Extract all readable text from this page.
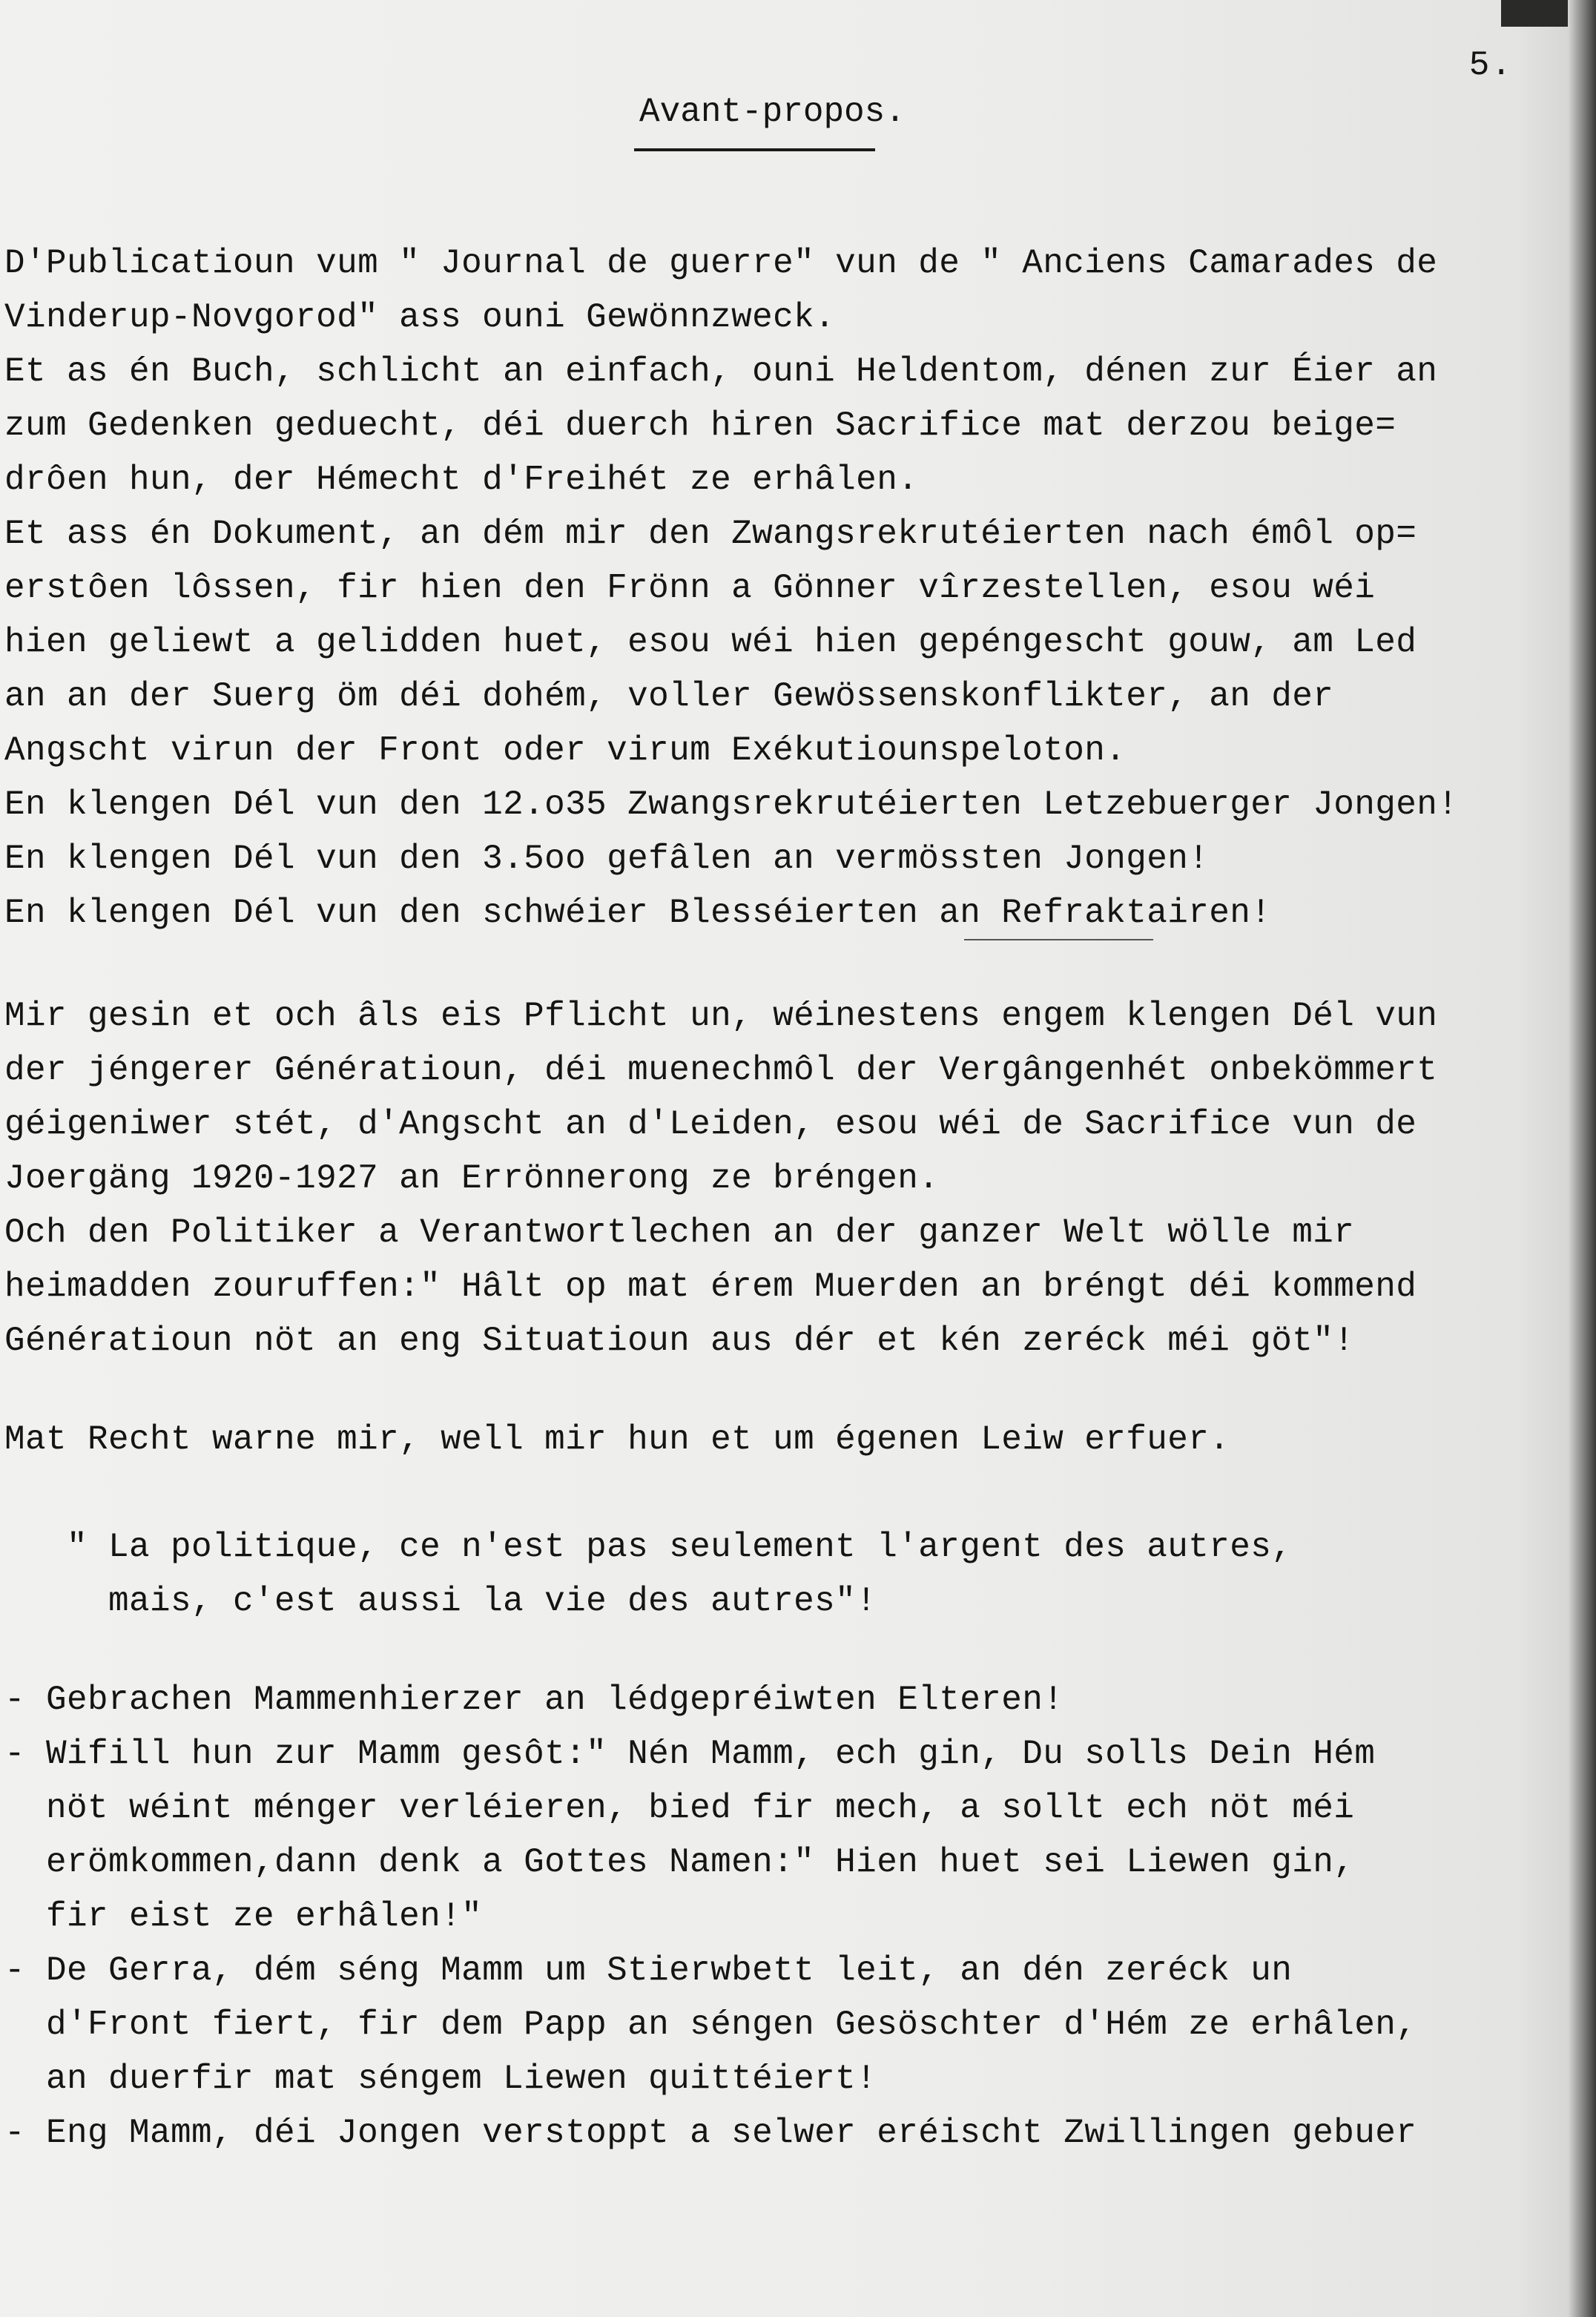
5.
Avant-propos.
D'Publicatioun vum " Journal de guerre" vun de " Anciens Camarades de
Vinderup-Novgorod" ass ouni Gewönnzweck.
Et as én Buch, schlicht an einfach, ouni Heldentom, dénen zur Éier an
zum Gedenken geduecht, déi duerch hiren Sacrifice mat derzou beige=
drôen hun, der Hémecht d'Freihét ze erhâlen.
Et ass én Dokument, an dém mir den Zwangsrekrutéierten nach émôl op=
erstôen lôssen, fir hien den Frönn a Gönner vîrzestellen, esou wéi
hien geliewt a gelidden huet, esou wéi hien gepéngescht gouw, am Led
an an der Suerg öm déi dohém, voller Gewössenskonflikter, an der
Angscht virun der Front oder virum Exékutiounspeloton.
En klengen Dél vun den 12.o35 Zwangsrekrutéierten Letzebuerger Jongen!
En klengen Dél vun den 3.5oo gefâlen an vermössten Jongen!
En klengen Dél vun den schwéier Blesséierten an Refraktairen!
Mir gesin et och âls eis Pflicht un, wéinestens engem klengen Dél vun
der jéngerer Génératioun, déi muenechmôl der Vergângenhét onbekömmert
géigeniwer stét, d'Angscht an d'Leiden, esou wéi de Sacrifice vun de
Joergäng 1920-1927 an Errönnerong ze bréngen.
Och den Politiker a Verantwortlechen an der ganzer Welt wölle mir
heimadden zouruffen:" Hâlt op mat érem Muerden an bréngt déi kommend
Génératioun nöt an eng Situatioun aus dér et kén zeréck méi göt"!
Mat Recht warne mir, well mir hun et um égenen Leiw erfuer.
" La politique, ce n'est pas seulement l'argent des autres,
mais, c'est aussi la vie des autres"!
- Gebrachen Mammenhierzer an lédgepréiwten Elteren!
- Wifill hun zur Mamm gesôt:" Nén Mamm, ech gin, Du solls Dein Hém
nöt wéint ménger verléieren, bied fir mech, a sollt ech nöt méi
erömkommen,dann denk a Gottes Namen:" Hien huet sei Liewen gin,
fir eist ze erhâlen!"
- De Gerra, dém séng Mamm um Stierwbett leit, an dén zeréck un
d'Front fiert, fir dem Papp an séngen Gesöschter d'Hém ze erhâlen,
an duerfir mat séngem Liewen quittéiert!
- Eng Mamm, déi Jongen verstoppt a selwer eréischt Zwillingen gebuer
